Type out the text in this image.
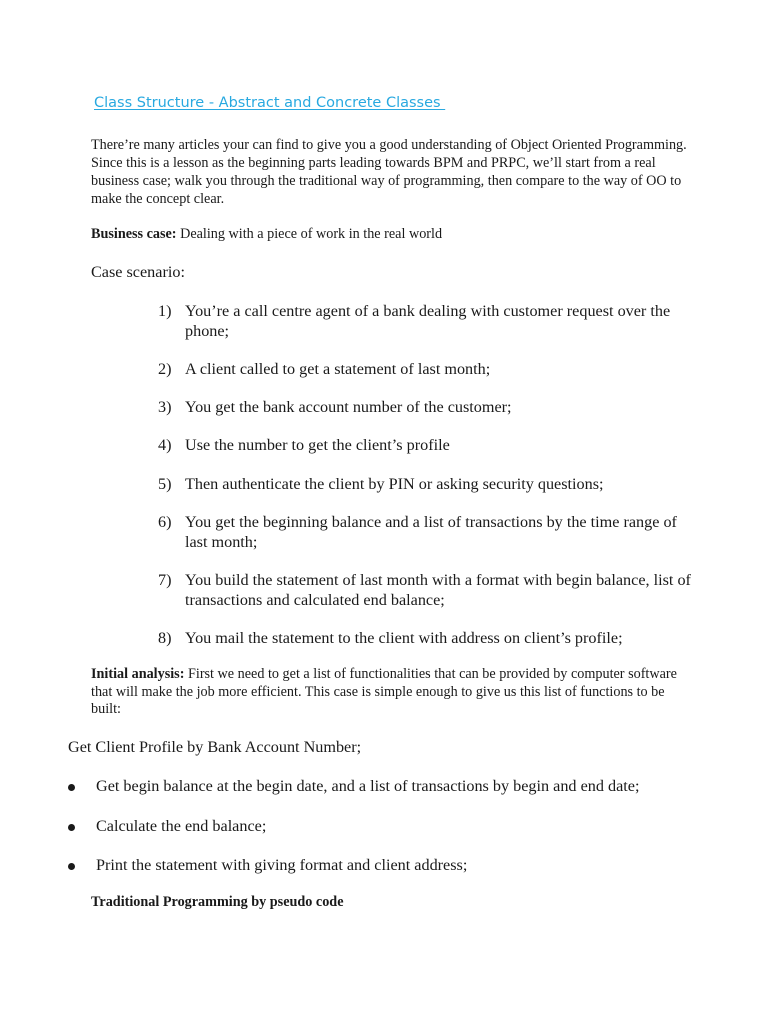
Class Structure - Abstract and Concrete Classes
There’re many articles your can find to give you a good understanding of Object Oriented Programming. Since this is a lesson as the beginning parts leading towards BPM and PRPC, we’ll start from a real business case; walk you through the traditional way of programming, then compare to the way of OO to make the concept clear.
Business case: Dealing with a piece of work in the real world
Case scenario:
1) You’re a call centre agent of a bank dealing with customer request over the phone;
2) A client called to get a statement of last month;
3) You get the bank account number of the customer;
4) Use the number to get the client’s profile
5) Then authenticate the client by PIN or asking security questions;
6) You get the beginning balance and a list of transactions by the time range of last month;
7) You build the statement of last month with a format with begin balance, list of transactions and calculated end balance;
8) You mail the statement to the client with address on client’s profile;
Initial analysis: First we need to get a list of functionalities that can be provided by computer software that will make the job more efficient. This case is simple enough to give us this list of functions to be built:
Get Client Profile by Bank Account Number;
Get begin balance at the begin date, and a list of transactions by begin and end date;
Calculate the end balance;
Print the statement with giving format and client address;
Traditional Programming by pseudo code
